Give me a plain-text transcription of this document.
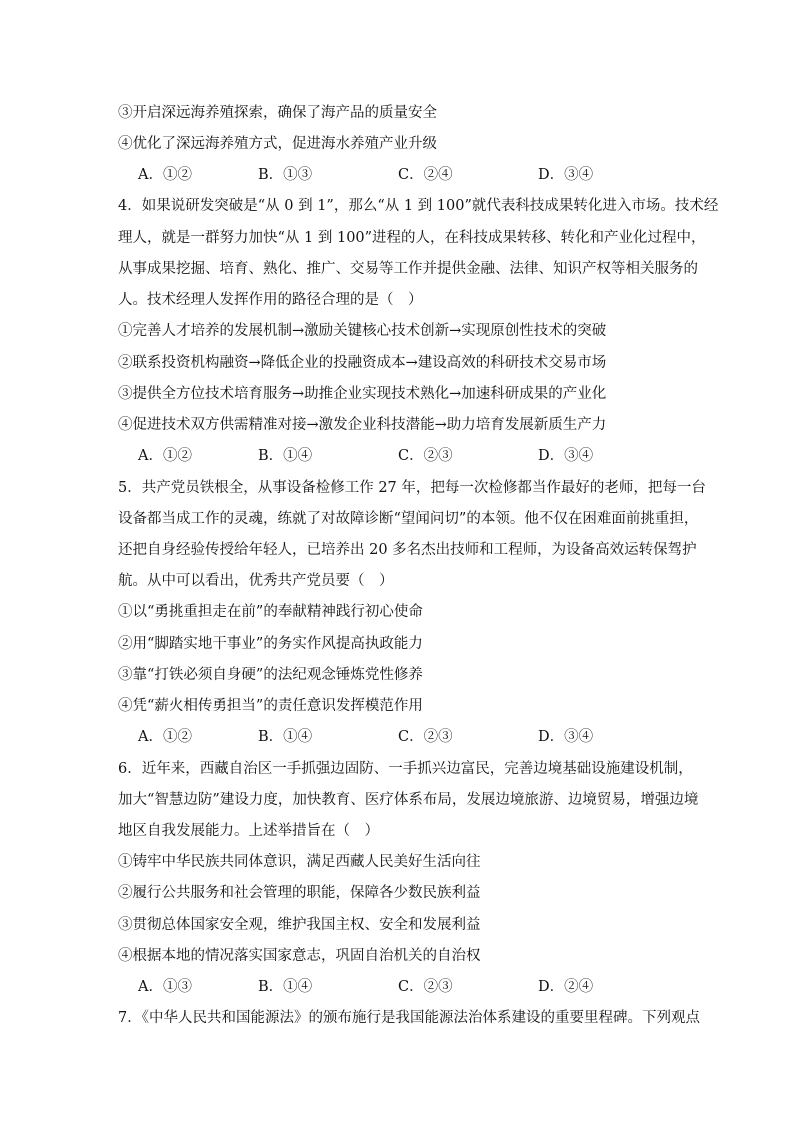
③开启深远海养殖探索，确保了海产品的质量安全
④优化了深远海养殖方式，促进海水养殖产业升级
A．①②	B．①③	C．②④	D．③④
4．如果说研发突破是“从 0 到 1”，那么“从 1 到 100”就代表科技成果转化进入市场。技术经
理人，就是一群努力加快“从 1 到 100”进程的人，在科技成果转移、转化和产业化过程中，
从事成果挖掘、培育、熟化、推广、交易等工作并提供金融、法律、知识产权等相关服务的
人。技术经理人发挥作用的路径合理的是（　）
①完善人才培养的发展机制→激励关键核心技术创新→实现原创性技术的突破
②联系投资机构融资→降低企业的投融资成本→建设高效的科研技术交易市场
③提供全方位技术培育服务→助推企业实现技术熟化→加速科研成果的产业化
④促进技术双方供需精准对接→激发企业科技潜能→助力培育发展新质生产力
A．①②	B．①④	C．②③	D．③④
5．共产党员铁根全，从事设备检修工作 27 年，把每一次检修都当作最好的老师，把每一台
设备都当成工作的灵魂，练就了对故障诊断“望闻问切”的本领。他不仅在困难面前挑重担，
还把自身经验传授给年轻人，已培养出 20 多名杰出技师和工程师，为设备高效运转保驾护
航。从中可以看出，优秀共产党员要（　）
①以“勇挑重担走在前”的奉献精神践行初心使命
②用“脚踏实地干事业”的务实作风提高执政能力
③靠“打铁必须自身硬”的法纪观念锤炼党性修养
④凭“薪火相传勇担当”的责任意识发挥模范作用
A．①②	B．①④	C．②③	D．③④
6．近年来，西藏自治区一手抓强边固防、一手抓兴边富民，完善边境基础设施建设机制，
加大“智慧边防”建设力度，加快教育、医疗体系布局，发展边境旅游、边境贸易，增强边境
地区自我发展能力。上述举措旨在（　）
①铸牢中华民族共同体意识，满足西藏人民美好生活向往
②履行公共服务和社会管理的职能，保障各少数民族利益
③贯彻总体国家安全观，维护我国主权、安全和发展利益
④根据本地的情况落实国家意志，巩固自治机关的自治权
A．①③	B．①④	C．②③	D．②④
7．《中华人民共和国能源法》的颁布施行是我国能源法治体系建设的重要里程碑。下列观点
